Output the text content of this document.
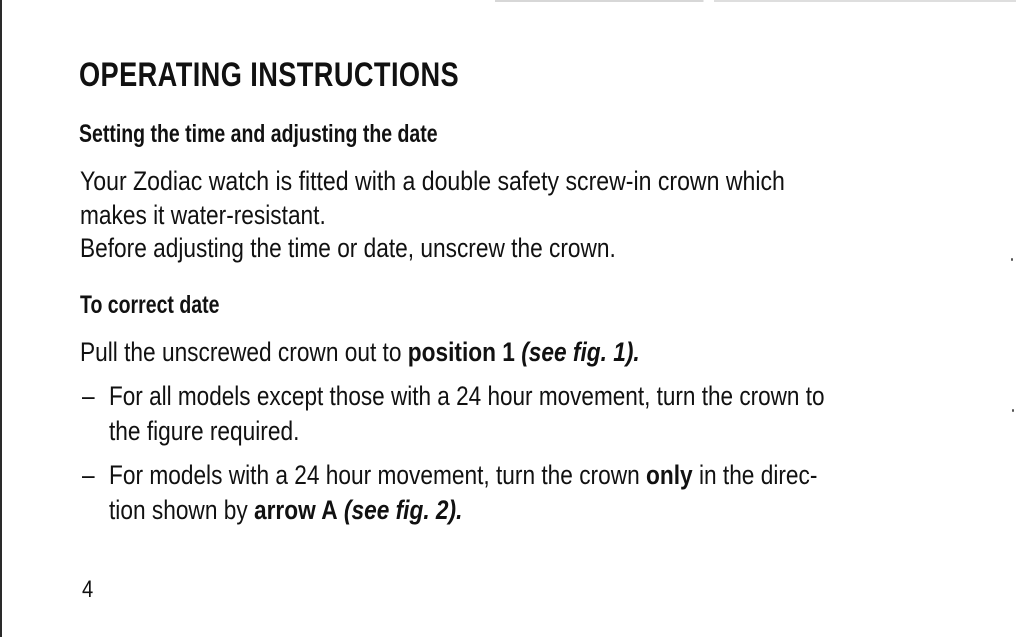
OPERATING INSTRUCTIONS
Setting the time and adjusting the date
Your Zodiac watch is fitted with a double safety screw-in crown which
makes it water-resistant.
Before adjusting the time or date, unscrew the crown.
To correct date
Pull the unscrewed crown out to position 1 (see fig. 1).
– For all models except those with a 24 hour movement, turn the crown to
the figure required.
– For models with a 24 hour movement, turn the crown only in the direc-
tion shown by arrow A (see fig. 2).
4
